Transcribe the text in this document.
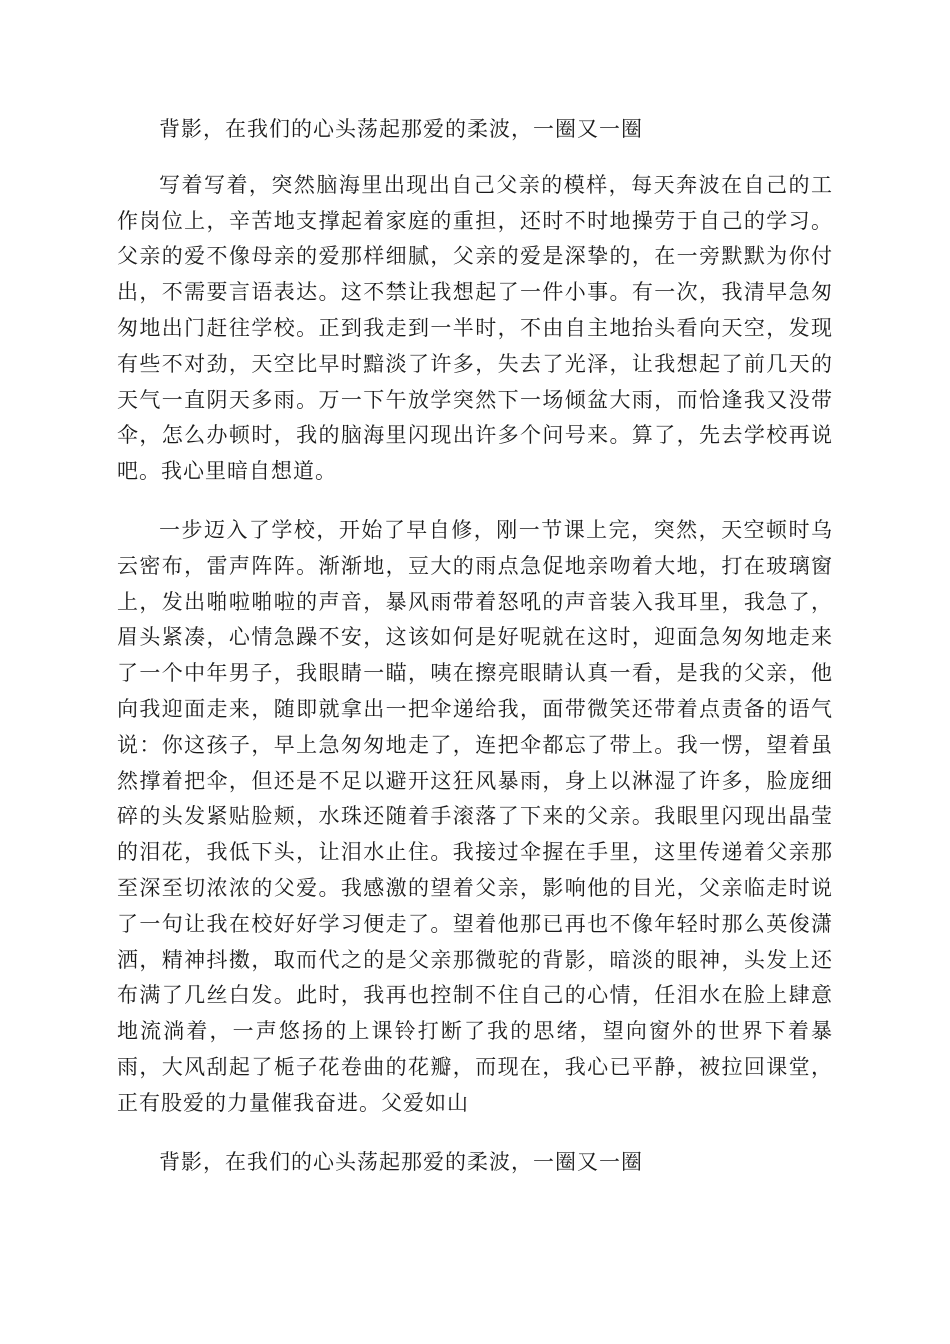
背影，在我们的心头荡起那爱的柔波，一圈又一圈

写着写着，突然脑海里出现出自己父亲的模样，每天奔波在自己的工作岗位上，辛苦地支撑起着家庭的重担，还时不时地操劳于自己的学习。父亲的爱不像母亲的爱那样细腻，父亲的爱是深挚的，在一旁默默为你付出，不需要言语表达。这不禁让我想起了一件小事。有一次，我清早急匆匆地出门赶往学校。正到我走到一半时，不由自主地抬头看向天空，发现有些不对劲，天空比早时黯淡了许多，失去了光泽，让我想起了前几天的天气一直阴天多雨。万一下午放学突然下一场倾盆大雨，而恰逢我又没带伞，怎么办顿时，我的脑海里闪现出许多个问号来。算了，先去学校再说吧。我心里暗自想道。

一步迈入了学校，开始了早自修，刚一节课上完，突然，天空顿时乌云密布，雷声阵阵。渐渐地，豆大的雨点急促地亲吻着大地，打在玻璃窗上，发出啪啦啪啦的声音，暴风雨带着怒吼的声音装入我耳里，我急了，眉头紧凑，心情急躁不安，这该如何是好呢就在这时，迎面急匆匆地走来了一个中年男子，我眼睛一瞄，咦在擦亮眼睛认真一看，是我的父亲，他向我迎面走来，随即就拿出一把伞递给我，面带微笑还带着点责备的语气说：你这孩子，早上急匆匆地走了，连把伞都忘了带上。我一愣，望着虽然撑着把伞，但还是不足以避开这狂风暴雨，身上以淋湿了许多，脸庞细碎的头发紧贴脸颊，水珠还随着手滚落了下来的父亲。我眼里闪现出晶莹的泪花，我低下头，让泪水止住。我接过伞握在手里，这里传递着父亲那至深至切浓浓的父爱。我感激的望着父亲，影响他的目光，父亲临走时说了一句让我在校好好学习便走了。望着他那已再也不像年轻时那么英俊潇洒，精神抖擞，取而代之的是父亲那微驼的背影，暗淡的眼神，头发上还布满了几丝白发。此时，我再也控制不住自己的心情，任泪水在脸上肆意地流淌着，一声悠扬的上课铃打断了我的思绪，望向窗外的世界下着暴雨，大风刮起了栀子花卷曲的花瓣，而现在，我心已平静，被拉回课堂，正有股爱的力量催我奋进。父爱如山

背影，在我们的心头荡起那爱的柔波，一圈又一圈
